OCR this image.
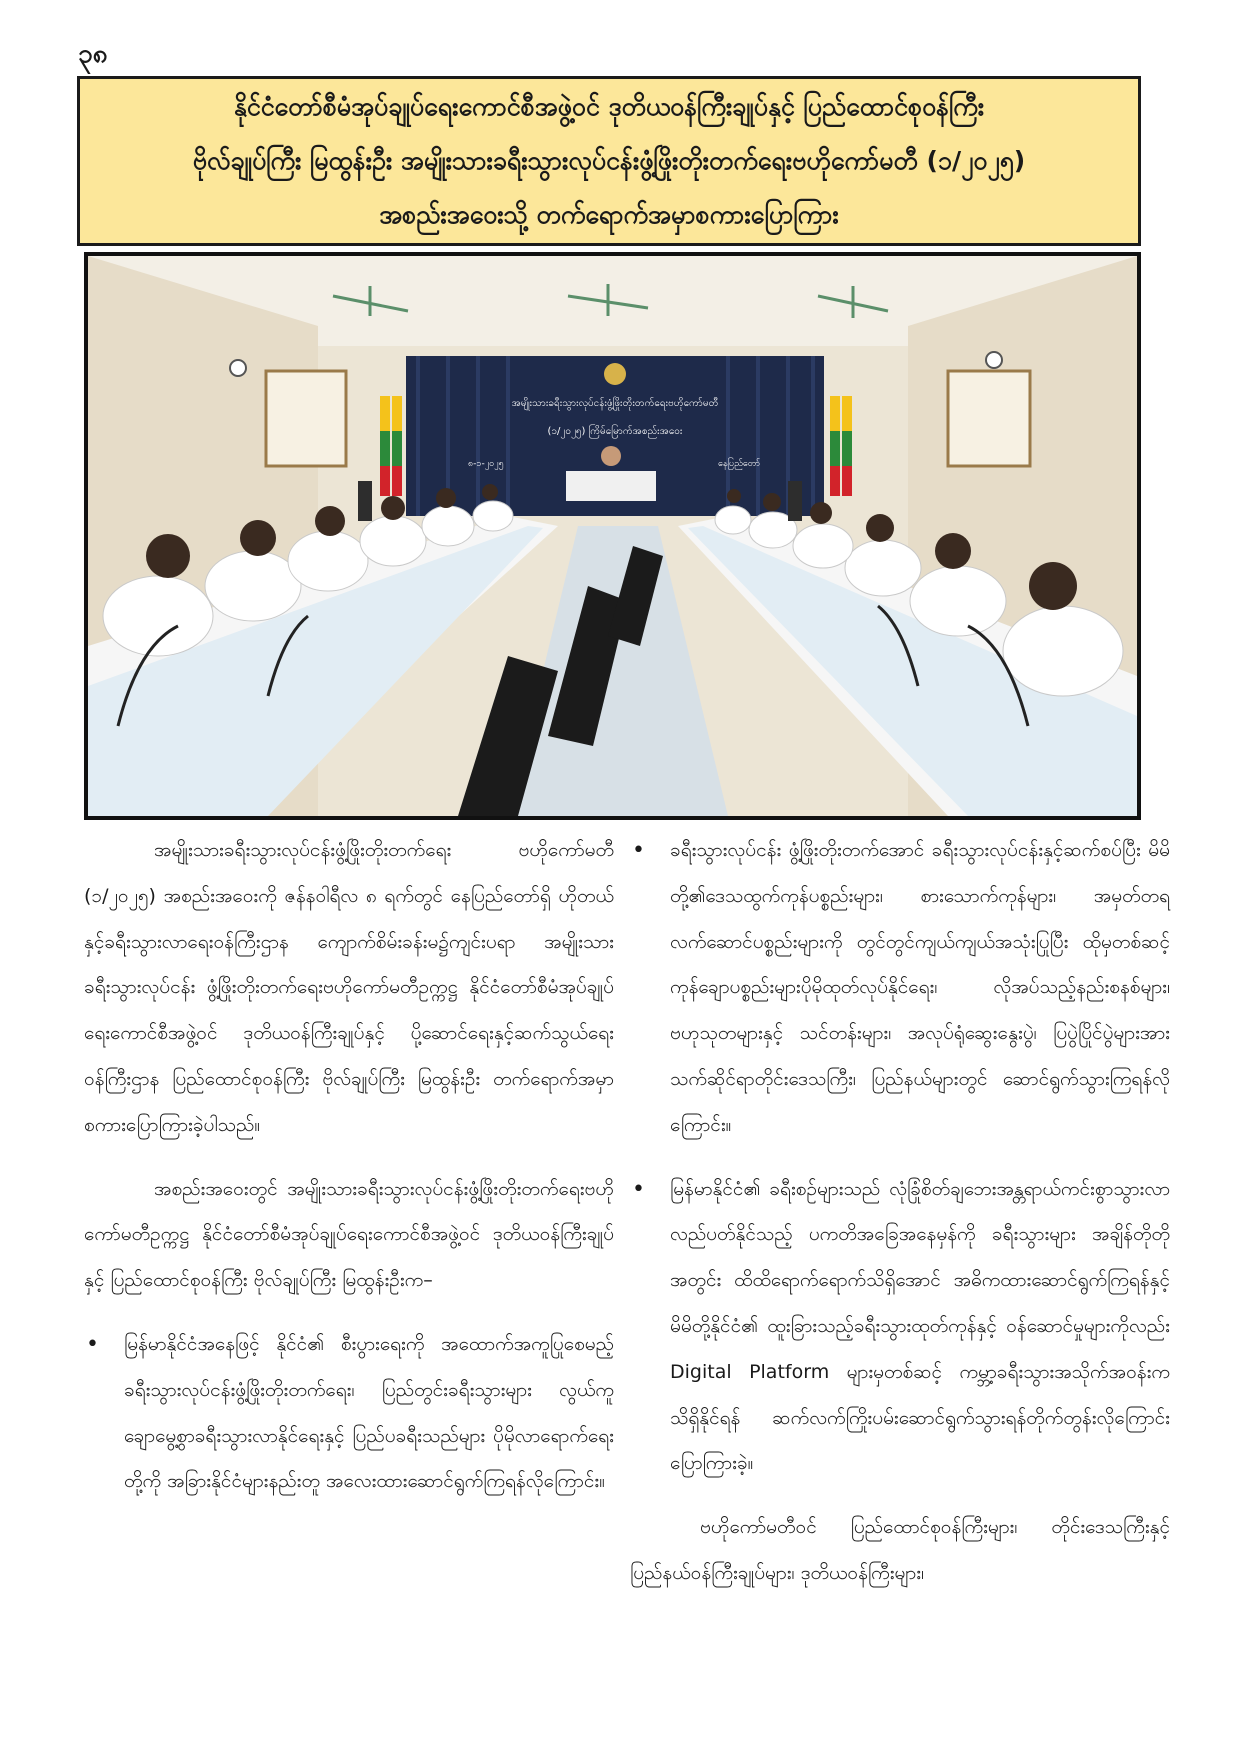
၃၈
နိုင်ငံတော်စီမံအုပ်ချုပ်ရေးကောင်စီအဖွဲ့ဝင် ဒုတိယဝန်ကြီးချုပ်နှင့် ပြည်ထောင်စုဝန်ကြီး
ဗိုလ်ချုပ်ကြီး မြထွန်းဦး အမျိုးသားခရီးသွားလုပ်ငန်းဖွံ့ဖြိုးတိုးတက်ရေးဗဟိုကော်မတီ (၁/၂၀၂၅)
အစည်းအဝေးသို့ တက်ရောက်အမှာစကားပြောကြား
အမျိုးသားခရီးသွားလုပ်ငန်းဖွံ့ဖြိုးတိုးတက်ရေးဗဟိုကော်မတီ
(၁/၂၀၂၅) ကြိမ်မြောက်အစည်းအဝေး
၈-၁-၂၀၂၅	နေပြည်တော်

အမျိုးသားခရီးသွားလုပ်ငန်းဖွံ့ဖြိုးတိုးတက်ရေး ဗဟိုကော်မတီ (၁/၂၀၂၅) အစည်းအဝေးကို ဇန်နဝါရီလ ၈ ရက်တွင် နေပြည်တော်ရှိ ဟိုတယ်နှင့်ခရီးသွားလာရေးဝန်ကြီးဌာန ကျောက်စိမ်းခန်းမ၌ကျင်းပရာ အမျိုးသားခရီးသွားလုပ်ငန်း ဖွံ့ဖြိုးတိုးတက်ရေးဗဟိုကော်မတီဥက္ကဋ္ဌ နိုင်ငံတော်စီမံအုပ်ချုပ်ရေးကောင်စီအဖွဲ့ဝင် ဒုတိယဝန်ကြီးချုပ်နှင့် ပို့ဆောင်ရေးနှင့်ဆက်သွယ်ရေးဝန်ကြီးဌာန ပြည်ထောင်စုဝန်ကြီး ဗိုလ်ချုပ်ကြီး မြထွန်းဦး တက်ရောက်အမှာစကားပြောကြားခဲ့ပါသည်။

အစည်းအဝေးတွင် အမျိုးသားခရီးသွားလုပ်ငန်းဖွံ့ဖြိုးတိုးတက်ရေးဗဟိုကော်မတီဥက္ကဋ္ဌ နိုင်ငံတော်စီမံအုပ်ချုပ်ရေးကောင်စီအဖွဲ့ဝင် ဒုတိယဝန်ကြီးချုပ်နှင့် ပြည်ထောင်စုဝန်ကြီး ဗိုလ်ချုပ်ကြီး မြထွန်းဦးက–

• မြန်မာနိုင်ငံအနေဖြင့် နိုင်ငံ၏ စီးပွားရေးကို အထောက်အကူပြုစေမည့် ခရီးသွားလုပ်ငန်းဖွံ့ဖြိုးတိုးတက်ရေး၊ ပြည်တွင်းခရီးသွားများ လွယ်ကူချောမွေ့စွာခရီးသွားလာနိုင်ရေးနှင့် ပြည်ပခရီးသည်များ ပိုမိုလာရောက်ရေးတို့ကို အခြားနိုင်ငံများနည်းတူ အလေးထားဆောင်ရွက်ကြရန်လိုကြောင်း။
• ခရီးသွားလုပ်ငန်း ဖွံ့ဖြိုးတိုးတက်အောင် ခရီးသွားလုပ်ငန်းနှင့်ဆက်စပ်ပြီး မိမိတို့၏ဒေသထွက်ကုန်ပစ္စည်းများ၊ စားသောက်ကုန်များ၊ အမှတ်တရလက်ဆောင်ပစ္စည်းများကို တွင်တွင်ကျယ်ကျယ်အသုံးပြုပြီး ထိုမှတစ်ဆင့် ကုန်ချောပစ္စည်းများပိုမိုထုတ်လုပ်နိုင်ရေး၊ လိုအပ်သည့်နည်းစနစ်များ၊ ဗဟုသုတများနှင့် သင်တန်းများ၊ အလုပ်ရုံဆွေးနွေးပွဲ၊ ပြပွဲပြိုင်ပွဲများအား သက်ဆိုင်ရာတိုင်းဒေသကြီး၊ ပြည်နယ်များတွင် ဆောင်ရွက်သွားကြရန်လိုကြောင်း။
• မြန်မာနိုင်ငံ၏ ခရီးစဉ်များသည် လုံခြုံစိတ်ချဘေးအန္တရာယ်ကင်းစွာသွားလာလည်ပတ်နိုင်သည့် ပကတိအခြေအနေမှန်ကို ခရီးသွားများ အချိန်တိုတိုအတွင်း ထိထိရောက်ရောက်သိရှိအောင် အဓိကထားဆောင်ရွက်ကြရန်နှင့် မိမိတို့နိုင်ငံ၏ ထူးခြားသည့်ခရီးသွားထုတ်ကုန်နှင့် ဝန်ဆောင်မှုများကိုလည်း Digital Platform များမှတစ်ဆင့် ကမ္ဘာ့ခရီးသွားအသိုက်အဝန်းက သိရှိနိုင်ရန် ဆက်လက်ကြိုးပမ်းဆောင်ရွက်သွားရန်တိုက်တွန်းလိုကြောင်း ပြောကြားခဲ့။

ဗဟိုကော်မတီဝင် ပြည်ထောင်စုဝန်ကြီးများ၊ တိုင်းဒေသကြီးနှင့် ပြည်နယ်ဝန်ကြီးချုပ်များ၊ ဒုတိယဝန်ကြီးများ၊
